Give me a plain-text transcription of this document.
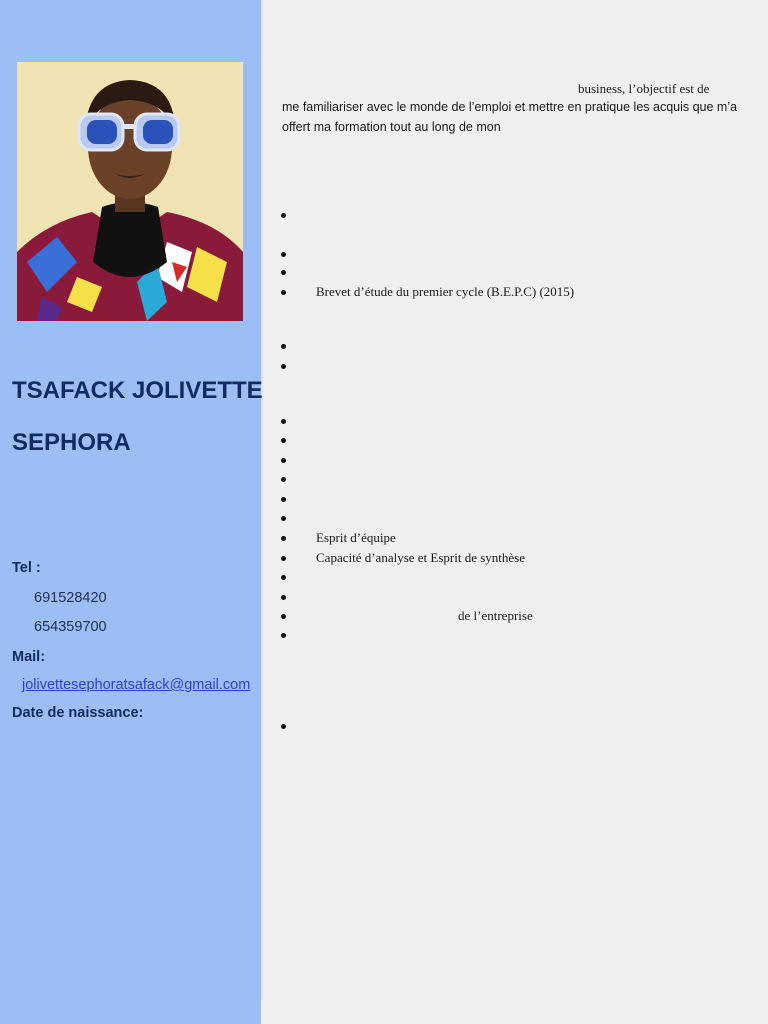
TSAFACK JOLIVETTE
SEPHORA
Tel :
691528420
654359700
Mail:
jolivettesephoratsafack@gmail.com
Date de naissance:
business, l’objectif est de
me familiariser avec le monde de l’emploi et mettre en pratique les acquis que m’a
offert ma formation tout au long de mon
Brevet d’étude du premier cycle (B.E.P.C) (2015)
Esprit d’équipe
Capacité d’analyse et Esprit de synthèse
de l’entreprise
